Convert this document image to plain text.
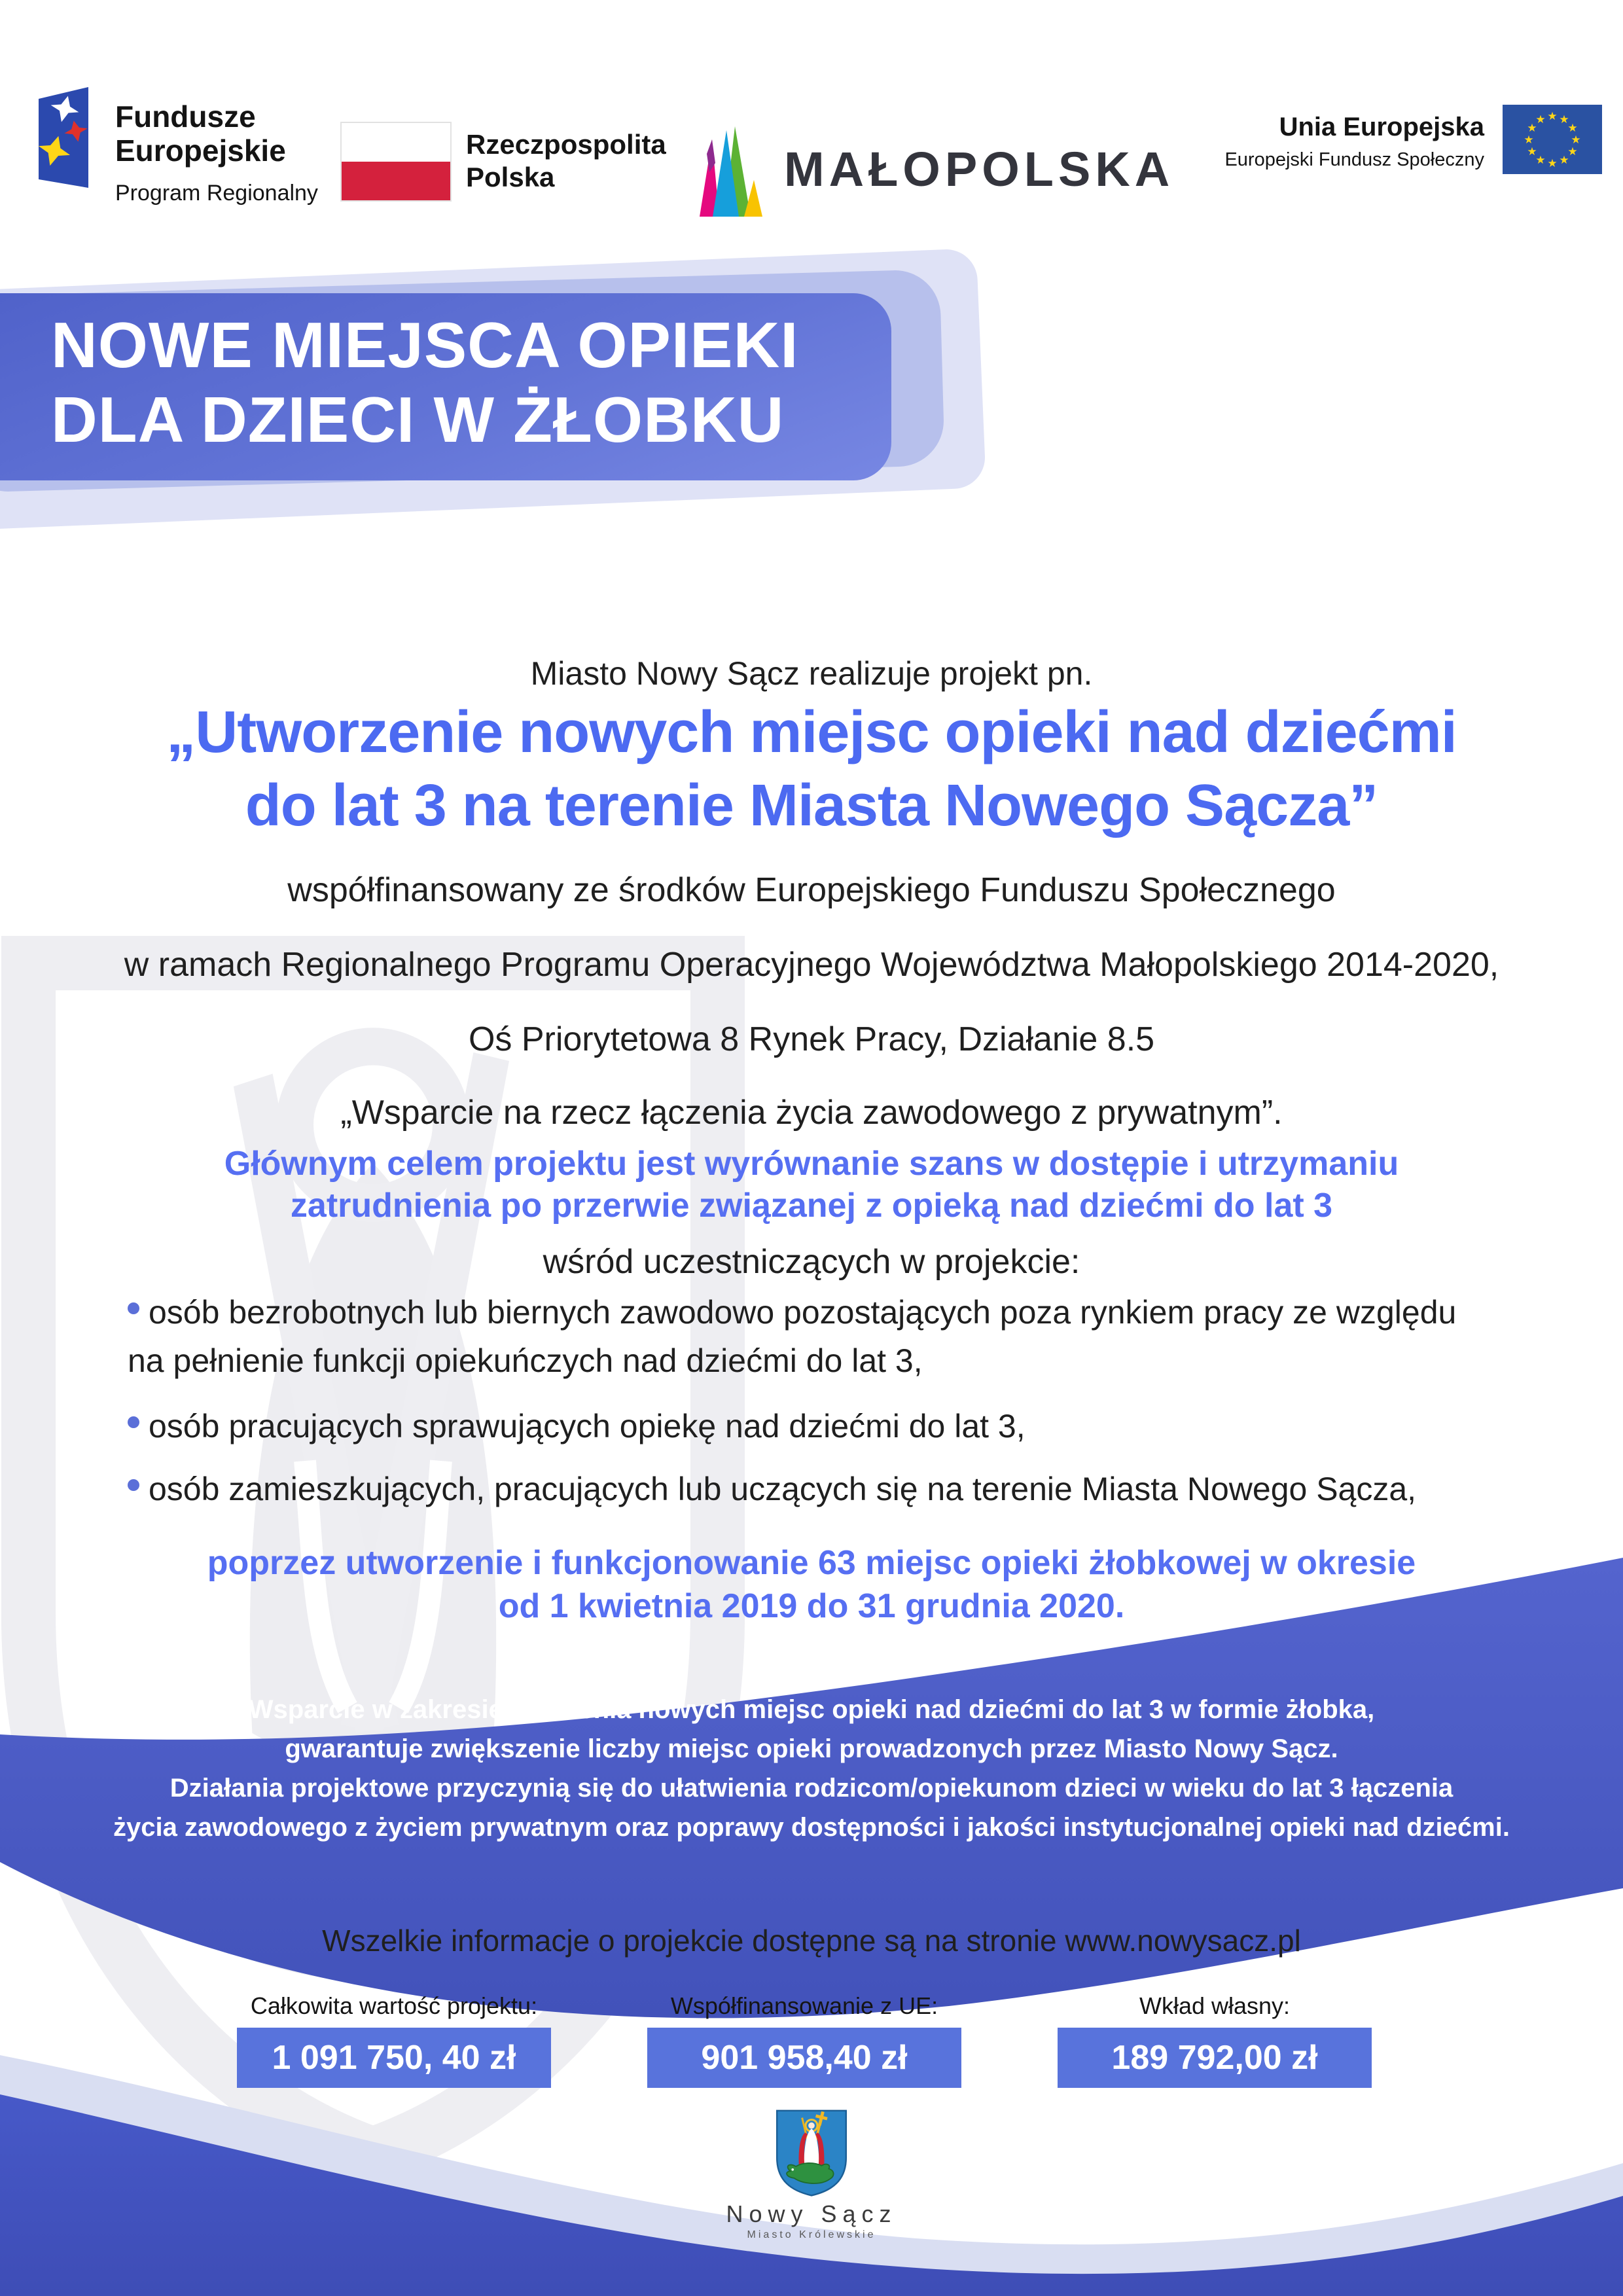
Fundusze
Europejskie
Program Regionalny
Rzeczpospolita
Polska	MAŁOPOLSKA
Unia Europejska
Europejski Fundusz Społeczny
★ ★
★
★
★
★
★
★
★
★
★
★
NOWE MIEJSCA OPIEKI
DLA DZIECI W ŻŁOBKU
Miasto Nowy Sącz realizuje projekt pn.
„Utworzenie nowych miejsc opieki nad dziećmi
do lat 3 na terenie Miasta Nowego Sącza”
współfinansowany ze środków Europejskiego Funduszu Społecznego
w ramach Regionalnego Programu Operacyjnego Województwa Małopolskiego 2014-2020,
Oś Priorytetowa 8 Rynek Pracy, Działanie 8.5
„Wsparcie na rzecz łączenia życia zawodowego z prywatnym”.
Głównym celem projektu jest wyrównanie szans w dostępie i utrzymaniu
zatrudnienia po przerwie związanej z opieką nad dziećmi do lat 3
wśród uczestniczących w projekcie:
osób bezrobotnych lub biernych zawodowo pozostających poza rynkiem pracy ze względu
na pełnienie funkcji opiekuńczych nad dziećmi do lat 3,
osób pracujących sprawujących opiekę nad dziećmi do lat 3,
osób zamieszkujących, pracujących lub uczących się na terenie Miasta Nowego Sącza,
poprzez utworzenie i funkcjonowanie 63 miejsc opieki żłobkowej w okresie
od 1 kwietnia 2019 do 31 grudnia 2020.
Wsparcie w zakresie tworzenia nowych miejsc opieki nad dziećmi do lat 3 w formie żłobka,
gwarantuje zwiększenie liczby miejsc opieki prowadzonych przez Miasto Nowy Sącz.
Działania projektowe przyczynią się do ułatwienia rodzicom/opiekunom dzieci w wieku do lat 3 łączenia
życia zawodowego z życiem prywatnym oraz poprawy dostępności i jakości instytucjonalnej opieki nad dziećmi.
Wszelkie informacje o projekcie dostępne są na stronie www.nowysacz.pl
Całkowita wartość projektu:	Współfinansowanie z UE:	Wkład własny:
1 091 750, 40 zł	901 958,40 zł	189 792,00 zł
Nowy Sącz
Miasto Królewskie
